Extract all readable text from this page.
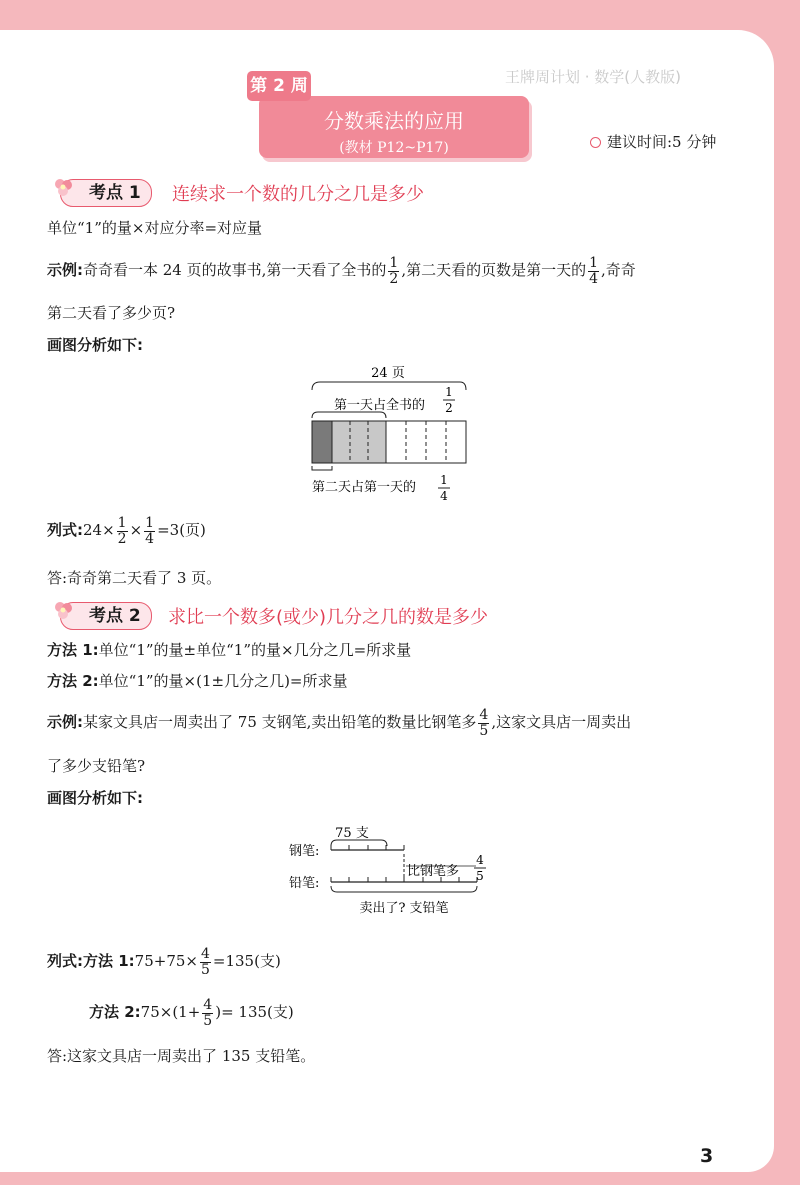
王牌周计划 · 数学(人教版)
第 2 周
分数乘法的应用
(教材 P12~P17)	建议时间:5 分钟
考点 1	连续求一个数的几分之几是多少
单位“1”的量×对应分率=对应量
示例:奇奇看一本 24 页的故事书,第一天看了全书的 $\frac{1}{2}$ ,第二天看的页数是第一天的 $\frac{1}{4}$ ,奇奇
第二天看了多少页?
画图分析如下:
24 页
第一天占全书的
1
2
第二天占第一天的 1
4
列式:24× $\frac{1}{2} \times \frac{1}{4} =3$(页)
答:奇奇第二天看了 3 页。
考点 2	求比一个数多(或少)几分之几的数是多少
方法 1:单位“1”的量±单位“1”的量×几分之几=所求量
方法 2:单位“1”的量×(1±几分之几)=所求量
示例:某家文具店一周卖出了 75 支钢笔,卖出铅笔的数量比钢笔多 $\frac{4}{5}$ ,这家文具店一周卖出
了多少支铅笔?
画图分析如下:
75 支
钢笔:
铅笔:
比钢笔多
4
5
卖出了? 支铅笔
列式:方法 1:75+75× $\frac{4}{5} =135$(支)
方法 2:75×(1+ $\frac{4}{5}$ )= 135(支)
答:这家文具店一周卖出了 135 支铅笔。
3
